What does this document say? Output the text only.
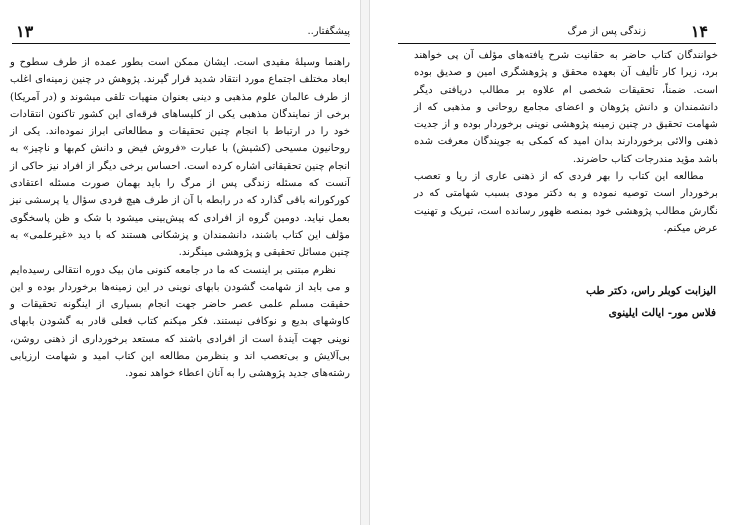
۱۳	پیشگفتار..

راهنما وسیلهٔ مفیدی است. ایشان ممکن است بطور عمده از طرف سطوح و ابعاد مختلف اجتماع مورد انتقاد شدید قرار گیرند. پژوهش در چنین زمینه‌ای اغلب از طرف عالمان علوم مذهبی و دینی بعنوان منهیات تلقی میشوند و (در آمریکا) برخی از نمایندگان مذهبی یکی از کلیساهای فرقه‌ای این کشور تاکنون انتقادات خود را در ارتباط با انجام چنین تحقیقات و مطالعاتی ابراز نموده‌اند. یکی از روحانیون مسیحی (کشیش) با عبارت «فروش فیض و دانش کم‌بها و ناچیز» به انجام چنین تحقیقاتی اشاره کرده است. احساس برخی دیگر از افراد نیز حاکی از آنست که مسئله زندگی پس از مرگ را باید بهمان صورت مسئله اعتقادی کورکورانه باقی گذارد که در رابطه با آن از طرف هیچ فردی سؤال یا پرسشی نیز بعمل نیاید. دومین گروه از افرادی که پیش‌بینی میشود با شک و ظن پاسخگوی مؤلف این کتاب باشند، دانشمندان و پزشکانی هستند که با دید «غیرعلمی» به چنین مسائل تحقیقی و پژوهشی مینگرند.

نظرم مبتنی بر اینست که ما در جامعه کنونی مان بیک دوره انتقالی رسیده‌ایم و می باید از شهامت گشودن بابهای نوینی در این زمینه‌ها برخوردار بوده و این حقیقت مسلم علمی عصر حاضر جهت انجام بسیاری از اینگونه تحقیقات و کاوشهای بدیع و نوکافی نیستند. فکر میکنم کتاب فعلی قادر به گشودن بابهای نوینی جهت آیندهٔ است از افرادی باشند که مستعد برخورداری از ذهنی روشن، بی‌آلایش و بی‌تعصب اند و بنظرمن مطالعه این کتاب امید و شهامت ارزیابی رشته‌های جدید پژوهشی را به آنان اعطاء خواهد نمود.

۱۴
زندگی پس از مرگ

خوانندگان کتاب حاضر به حقانیت شرح یافته‌های مؤلف آن پی خواهند برد، زیرا کار تألیف آن بعهده محقق و پژوهشگری امین و صدیق بوده است. ضمناً، تحقیقات شخصی ام علاوه بر مطالب دریافتی دیگر دانشمندان و دانش پژوهان و اعضای مجامع روحانی و مذهبی که از شهامت تحقیق در چنین زمینه پژوهشی نوینی برخوردار بوده و از جدیت ذهنی والائی برخوردارند بدان امید که کمکی به جویندگان معرفت شده باشد مؤید مندرجات کتاب حاضرند.

مطالعه این کتاب را بهر فردی که از ذهنی عاری از ریا و تعصب برخوردار است توصیه نموده و به دکتر مودی بسبب شهامتی که در نگارش مطالب پژوهشی خود بمنصه ظهور رسانده است، تبریک و تهنیت عرض میکنم.

الیزابت کوبلر راس، دکتر طب
فلاس مور- ایالت ایلینوی
